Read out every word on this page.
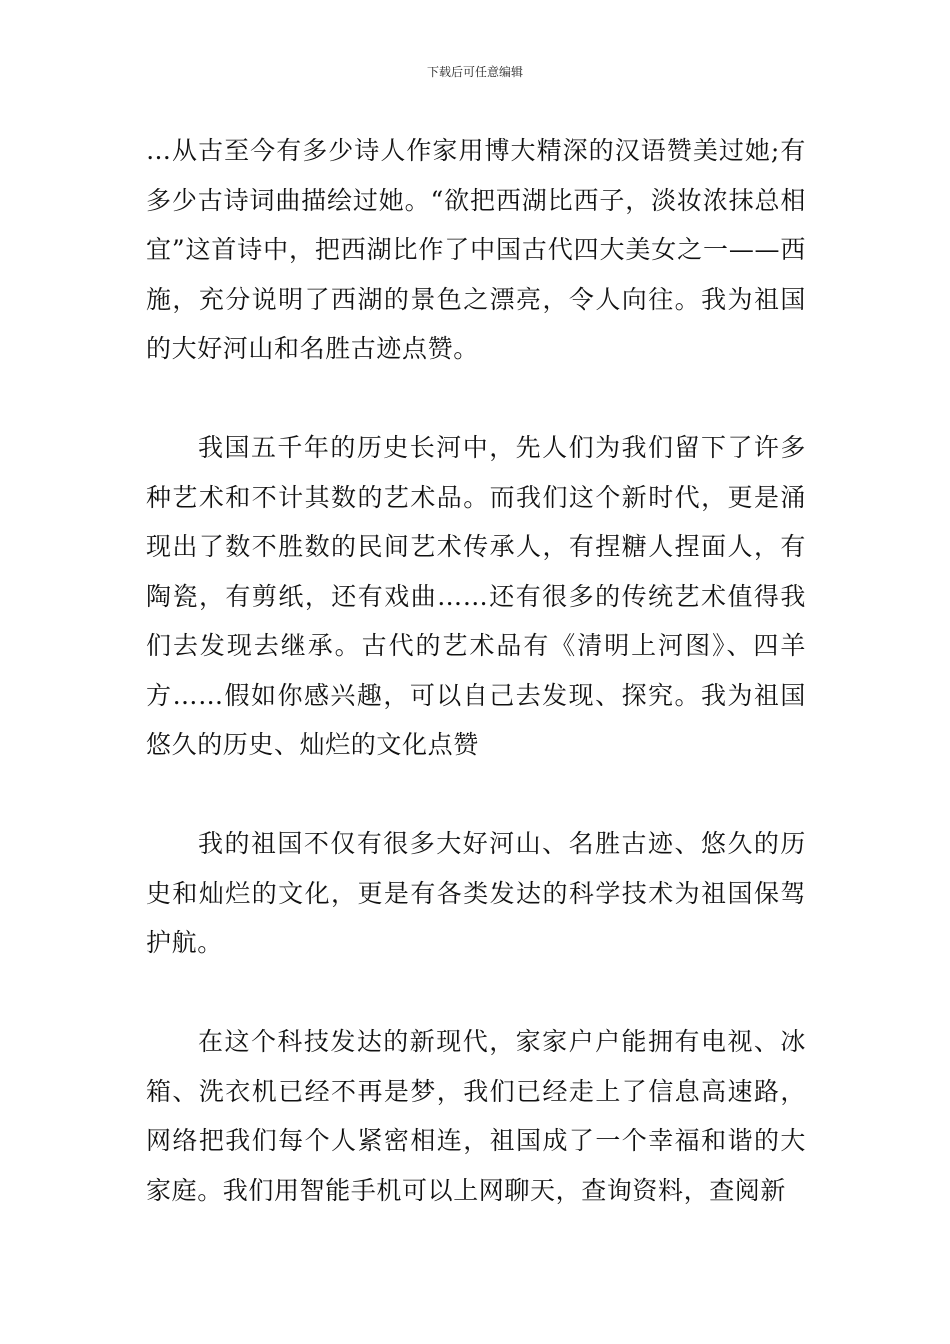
下载后可任意编辑

…从古至今有多少诗人作家用博大精深的汉语赞美过她;有多少古诗词曲描绘过她。“欲把西湖比西子，淡妆浓抹总相宜”这首诗中，把西湖比作了中国古代四大美女之一——西施，充分说明了西湖的景色之漂亮，令人向往。我为祖国的大好河山和名胜古迹点赞。

我国五千年的历史长河中，先人们为我们留下了许多种艺术和不计其数的艺术品。而我们这个新时代，更是涌现出了数不胜数的民间艺术传承人，有捏糖人捏面人，有陶瓷，有剪纸，还有戏曲……还有很多的传统艺术值得我们去发现去继承。古代的艺术品有《清明上河图》、四羊方……假如你感兴趣，可以自己去发现、探究。我为祖国悠久的历史、灿烂的文化点赞

我的祖国不仅有很多大好河山、名胜古迹、悠久的历史和灿烂的文化，更是有各类发达的科学技术为祖国保驾护航。

在这个科技发达的新现代，家家户户能拥有电视、冰箱、洗衣机已经不再是梦，我们已经走上了信息高速路，网络把我们每个人紧密相连，祖国成了一个幸福和谐的大家庭。我们用智能手机可以上网聊天，查询资料，查阅新
